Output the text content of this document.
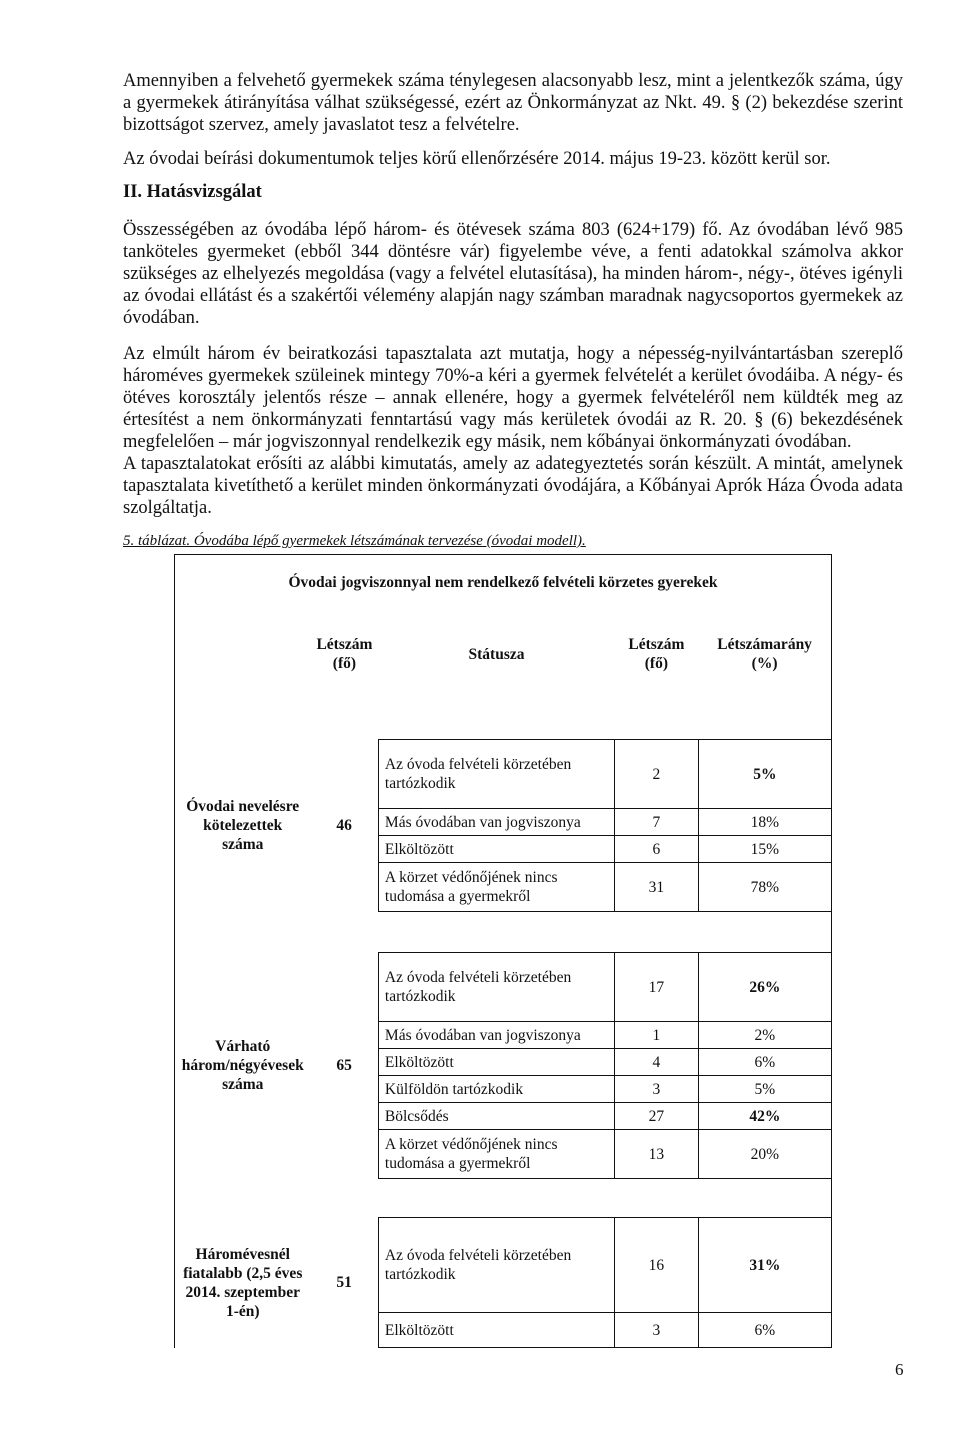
Amennyiben a felvehető gyermekek száma ténylegesen alacsonyabb lesz, mint a jelentkezők száma, úgy a gyermekek átirányítása válhat szükségessé, ezért az Önkormányzat az Nkt. 49. § (2) bekezdése szerint bizottságot szervez, amely javaslatot tesz a felvételre.

Az óvodai beírási dokumentumok teljes körű ellenőrzésére 2014. május 19-23. között kerül sor.

II. Hatásvizsgálat

Összességében az óvodába lépő három- és ötévesek száma 803 (624+179) fő. Az óvodában lévő 985 tanköteles gyermeket (ebből 344 döntésre vár) figyelembe véve, a fenti adatokkal számolva akkor szükséges az elhelyezés megoldása (vagy a felvétel elutasítása), ha minden három-, négy-, ötéves igényli az óvodai ellátást és a szakértői vélemény alapján nagy számban maradnak nagycsoportos gyermekek az óvodában.

Az elmúlt három év beiratkozási tapasztalata azt mutatja, hogy a népesség-nyilvántartásban szereplő hároméves gyermekek szüleinek mintegy 70%-a kéri a gyermek felvételét a kerület óvodáiba. A négy- és ötéves korosztály jelentős része – annak ellenére, hogy a gyermek felvételéről nem küldték meg az értesítést a nem önkormányzati fenntartású vagy más kerületek óvodái az R. 20. § (6) bekezdésének megfelelően – már jogviszonnyal rendelkezik egy másik, nem kőbányai önkormányzati óvodában.

A tapasztalatokat erősíti az alábbi kimutatás, amely az adategyeztetés során készült. A mintát, amelynek tapasztalata kivetíthető a kerület minden önkormányzati óvodájára, a Kőbányai Aprók Háza Óvoda adata szolgáltatja.

5. táblázat. Óvodába lépő gyermekek létszámának tervezése (óvodai modell).

Óvodai jogviszonnyal nem rendelkező felvételi körzetes gyerekek				
	Létszám
(fő)	Státusza	Létszám
(fő)	Létszámarány
(%)

Óvodai nevelésre
kötelezettek
száma	46	Az óvoda felvételi körzetében tartózkodik	2	5%
		Más óvodában van jogviszonya	7	18%
		Elköltözött	6	15%
		A körzet védőnőjének nincs tudomása a gyermekről	31	78%

Várható
három/négyévesek
száma	65	Az óvoda felvételi körzetében tartózkodik	17	26%
		Más óvodában van jogviszonya	1	2%
		Elköltözött	4	6%
		Külföldön tartózkodik	3	5%
		Bölcsődés	27	42%
		A körzet védőnőjének nincs tudomása a gyermekről	13	20%

Háromévesnél
fiatalabb (2,5 éves
2014. szeptember
1-én)	51	Az óvoda felvételi körzetében tartózkodik	16	31%
		Elköltözött	3	6%
6
